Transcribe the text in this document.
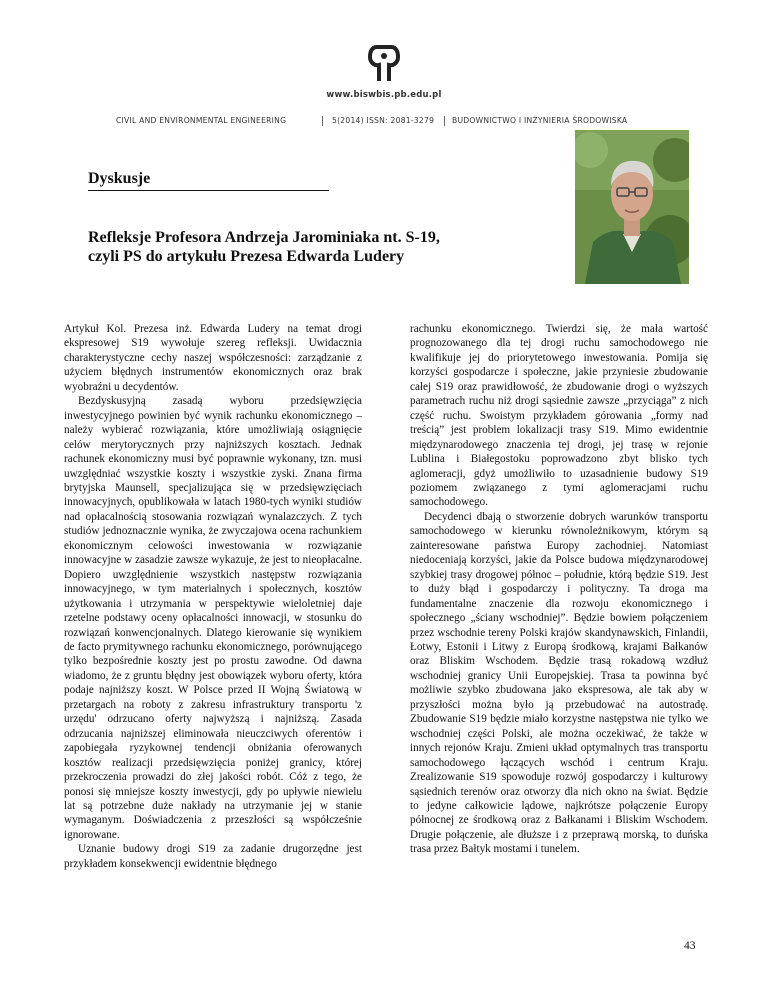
www.biswbis.pb.edu.pl
CIVIL AND ENVIRONMENTAL ENGINEERING	5(2014) ISSN: 2081-3279 BUDOWNICTWO I INŻYNIERIA ŚRODOWISKA
Dyskusje
Refleksje Profesora Andrzeja Jarominiaka nt. S-19,
czyli PS do artykułu Prezesa Edwarda Ludery

Artykuł Kol. Prezesa inż. Edwarda Ludery na temat drogi ekspresowej S19 wywołuje szereg refleksji. Uwidacznia charakterystyczne cechy naszej współczesności: zarządzanie z użyciem błędnych instrumentów ekonomicznych oraz brak wyobraźni u decydentów.

Bezdyskusyjną zasadą wyboru przedsięwzięcia inwestycyjnego powinien być wynik rachunku ekonomicznego – należy wybierać rozwiązania, które umożliwiają osiągnięcie celów merytorycznych przy najniższych kosztach. Jednak rachunek ekonomiczny musi być poprawnie wykonany, tzn. musi uwzględniać wszystkie koszty i wszystkie zyski. Znana firma brytyjska Maunsell, specjalizująca się w przedsięwzięciach innowacyjnych, opublikowała w latach 1980-tych wyniki studiów nad opłacalnością stosowania rozwiązań wynalazczych. Z tych studiów jednoznacznie wynika, że zwyczajowa ocena rachunkiem ekonomicznym celowości inwestowania w rozwiązanie innowacyjne w zasadzie zawsze wykazuje, że jest to nieopłacalne. Dopiero uwzględnienie wszystkich następstw rozwiązania innowacyjnego, w tym materialnych i społecznych, kosztów użytkowania i utrzymania w perspektywie wieloletniej daje rzetelne podstawy oceny opłacalności innowacji, w stosunku do rozwiązań konwencjonalnych. Dlatego kierowanie się wynikiem de facto prymitywnego rachunku ekonomicznego, porównującego tylko bezpośrednie koszty jest po prostu zawodne. Od dawna wiadomo, że z gruntu błędny jest obowiązek wyboru oferty, która podaje najniższy koszt. W Polsce przed II Wojną Światową w przetargach na roboty z zakresu infrastruktury transportu 'z urzędu' odrzucano oferty najwyższą i najniższą. Zasada odrzucania najniższej eliminowała nieuczciwych oferentów i zapobiegała ryzykownej tendencji obniżania oferowanych kosztów realizacji przedsięwzięcia poniżej granicy, której przekroczenia prowadzi do złej jakości robót. Cóż z tego, że ponosi się mniejsze koszty inwestycji, gdy po upływie niewielu lat są potrzebne duże nakłady na utrzymanie jej w stanie wymaganym. Doświadczenia z przeszłości są współcześnie ignorowane.

Uznanie budowy drogi S19 za zadanie drugorzędne jest przykładem konsekwencji ewidentnie błędnego

rachunku ekonomicznego. Twierdzi się, że mała wartość prognozowanego dla tej drogi ruchu samochodowego nie kwalifikuje jej do priorytetowego inwestowania. Pomija się korzyści gospodarcze i społeczne, jakie przyniesie zbudowanie całej S19 oraz prawidłowość, że zbudowanie drogi o wyższych parametrach ruchu niż drogi sąsiednie zawsze „przyciąga” z nich część ruchu. Swoistym przykładem górowania „formy nad treścią” jest problem lokalizacji trasy S19. Mimo ewidentnie międzynarodowego znaczenia tej drogi, jej trasę w rejonie Lublina i Białegostoku poprowadzono zbyt blisko tych aglomeracji, gdyż umożliwiło to uzasadnienie budowy S19 poziomem związanego z tymi aglomeracjami ruchu samochodowego.

Decydenci dbają o stworzenie dobrych warunków transportu samochodowego w kierunku równoleżnikowym, którym są zainteresowane państwa Europy zachodniej. Natomiast niedoceniają korzyści, jakie da Polsce budowa międzynarodowej szybkiej trasy drogowej północ – południe, którą będzie S19. Jest to duży błąd i gospodarczy i polityczny. Ta droga ma fundamentalne znaczenie dla rozwoju ekonomicznego i społecznego „ściany wschodniej”. Będzie bowiem połączeniem przez wschodnie tereny Polski krajów skandynawskich, Finlandii, Łotwy, Estonii i Litwy z Europą środkową, krajami Bałkanów oraz Bliskim Wschodem. Będzie trasą rokadową wzdłuż wschodniej granicy Unii Europejskiej. Trasa ta powinna być możliwie szybko zbudowana jako ekspresowa, ale tak aby w przyszłości można było ją przebudować na autostradę. Zbudowanie S19 będzie miało korzystne następstwa nie tylko we wschodniej części Polski, ale można oczekiwać, że także w innych rejonów Kraju. Zmieni układ optymalnych tras transportu samochodowego łączących wschód i centrum Kraju. Zrealizowanie S19 spowoduje rozwój gospodarczy i kulturowy sąsiednich terenów oraz otworzy dla nich okno na świat. Będzie to jedyne całkowicie lądowe, najkrótsze połączenie Europy północnej ze środkową oraz z Bałkanami i Bliskim Wschodem. Drugie połączenie, ale dłuższe i z przeprawą morską, to duńska trasa przez Bałtyk mostami i tunelem.

43
